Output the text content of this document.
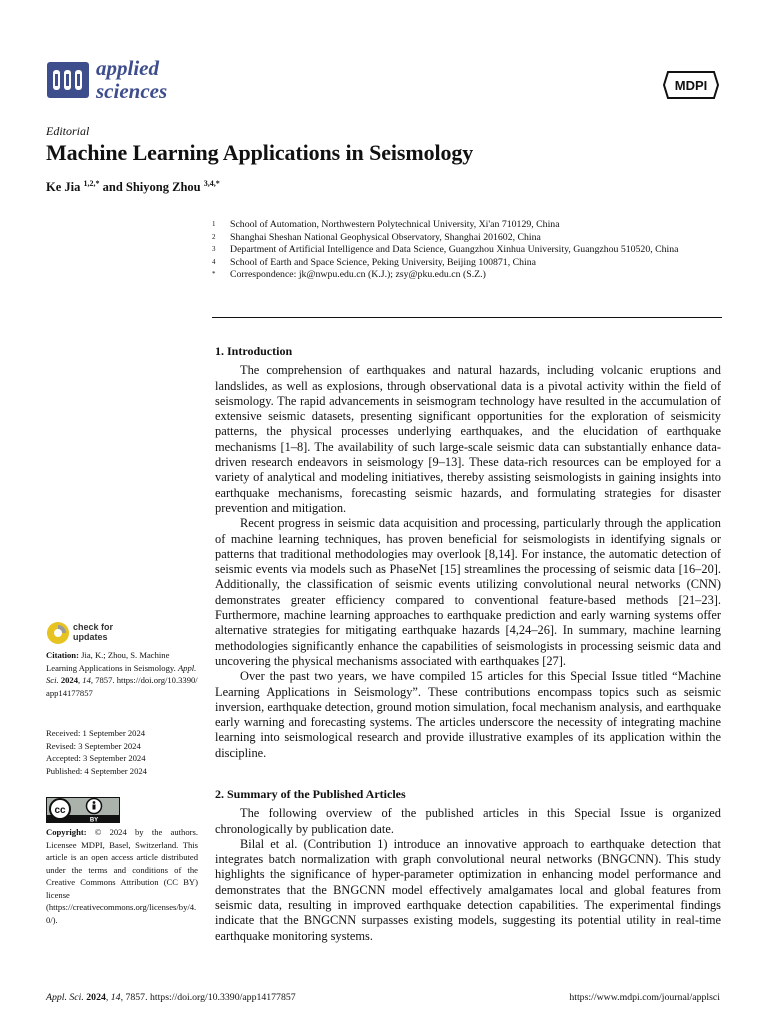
applied
sciences	MDPI
Editorial
Machine Learning Applications in Seismology
Ke Jia $^{1,2,*}$ and Shiyong Zhou $^{3,4,*}$
1	School of Automation, Northwestern Polytechnical University, Xi'an 710129, China
2	Shanghai Sheshan National Geophysical Observatory, Shanghai 201602, China
3	Department of Artificial Intelligence and Data Science, Guangzhou Xinhua University, Guangzhou 510520, China
4	School of Earth and Space Science, Peking University, Beijing 100871, China
*	Correspondence: jk@nwpu.edu.cn (K.J.); zsy@pku.edu.cn (S.Z.)

1. Introduction

The comprehension of earthquakes and natural hazards, including volcanic eruptions and landslides, as well as explosions, through observational data is a pivotal activity within the field of seismology. The rapid advancements in seismogram technology have resulted in the accumulation of extensive seismic datasets, presenting significant opportunities for the exploration of seismicity patterns, the physical processes underlying earthquakes, and the elucidation of earthquake mechanisms [1–8]. The availability of such large-scale seismic data can substantially enhance data-driven research endeavors in seismology [9–13]. These data-rich resources can be employed for a variety of analytical and modeling initiatives, thereby assisting seismologists in gaining insights into earthquake mechanisms, forecasting seismic hazards, and formulating strategies for disaster prevention and mitigation.

Recent progress in seismic data acquisition and processing, particularly through the application of machine learning techniques, has proven beneficial for seismologists in identifying signals or patterns that traditional methodologies may overlook [8,14]. For instance, the automatic detection of seismic events via models such as PhaseNet [15] streamlines the processing of seismic data [16–20]. Additionally, the classification of seismic events utilizing convolutional neural networks (CNN) demonstrates greater efficiency compared to conventional feature-based methods [21–23]. Furthermore, machine learning approaches to earthquake prediction and early warning systems offer alternative strategies for mitigating earthquake hazards [4,24–26]. In summary, machine learning methodologies significantly enhance the capabilities of seismologists in processing seismic data and uncovering the physical mechanisms associated with earthquakes [27].

Over the past two years, we have compiled 15 articles for this Special Issue titled “Machine Learning Applications in Seismology”. These contributions encompass topics such as seismic inversion, earthquake detection, ground motion simulation, focal mechanism analysis, and earthquake early warning and forecasting systems. The articles underscore the necessity of integrating machine learning into seismological research and provide illustrative examples of its application within the discipline.

2. Summary of the Published Articles

The following overview of the published articles in this Special Issue is organized chronologically by publication date.

Bilal et al. (Contribution 1) introduce an innovative approach to earthquake detection that integrates batch normalization with graph convolutional neural networks (BNGCNN). This study highlights the significance of hyper-parameter optimization in enhancing model performance and demonstrates that the BNGCNN model effectively amalgamates local and global features from seismic data, resulting in improved earthquake detection capabilities. The experimental findings indicate that the BNGCNN surpasses existing models, suggesting its potential utility in real-time earthquake monitoring systems.

check for
updates
Citation: Jia, K.; Zhou, S. Machine Learning Applications in Seismology. Appl. Sci. 2024, 14, 7857. https://doi.org/10.3390/app14177857
Received: 1 September 2024
Revised: 3 September 2024
Accepted: 3 September 2024
Published: 4 September 2024
cc
BY
Copyright: © 2024 by the authors. Licensee MDPI, Basel, Switzerland. This article is an open access article distributed under the terms and conditions of the Creative Commons Attribution (CC BY) license (https://creativecommons.org/licenses/by/4.0/).
Appl. Sci. 2024, 14, 7857. https://doi.org/10.3390/app14177857	https://www.mdpi.com/journal/applsci
